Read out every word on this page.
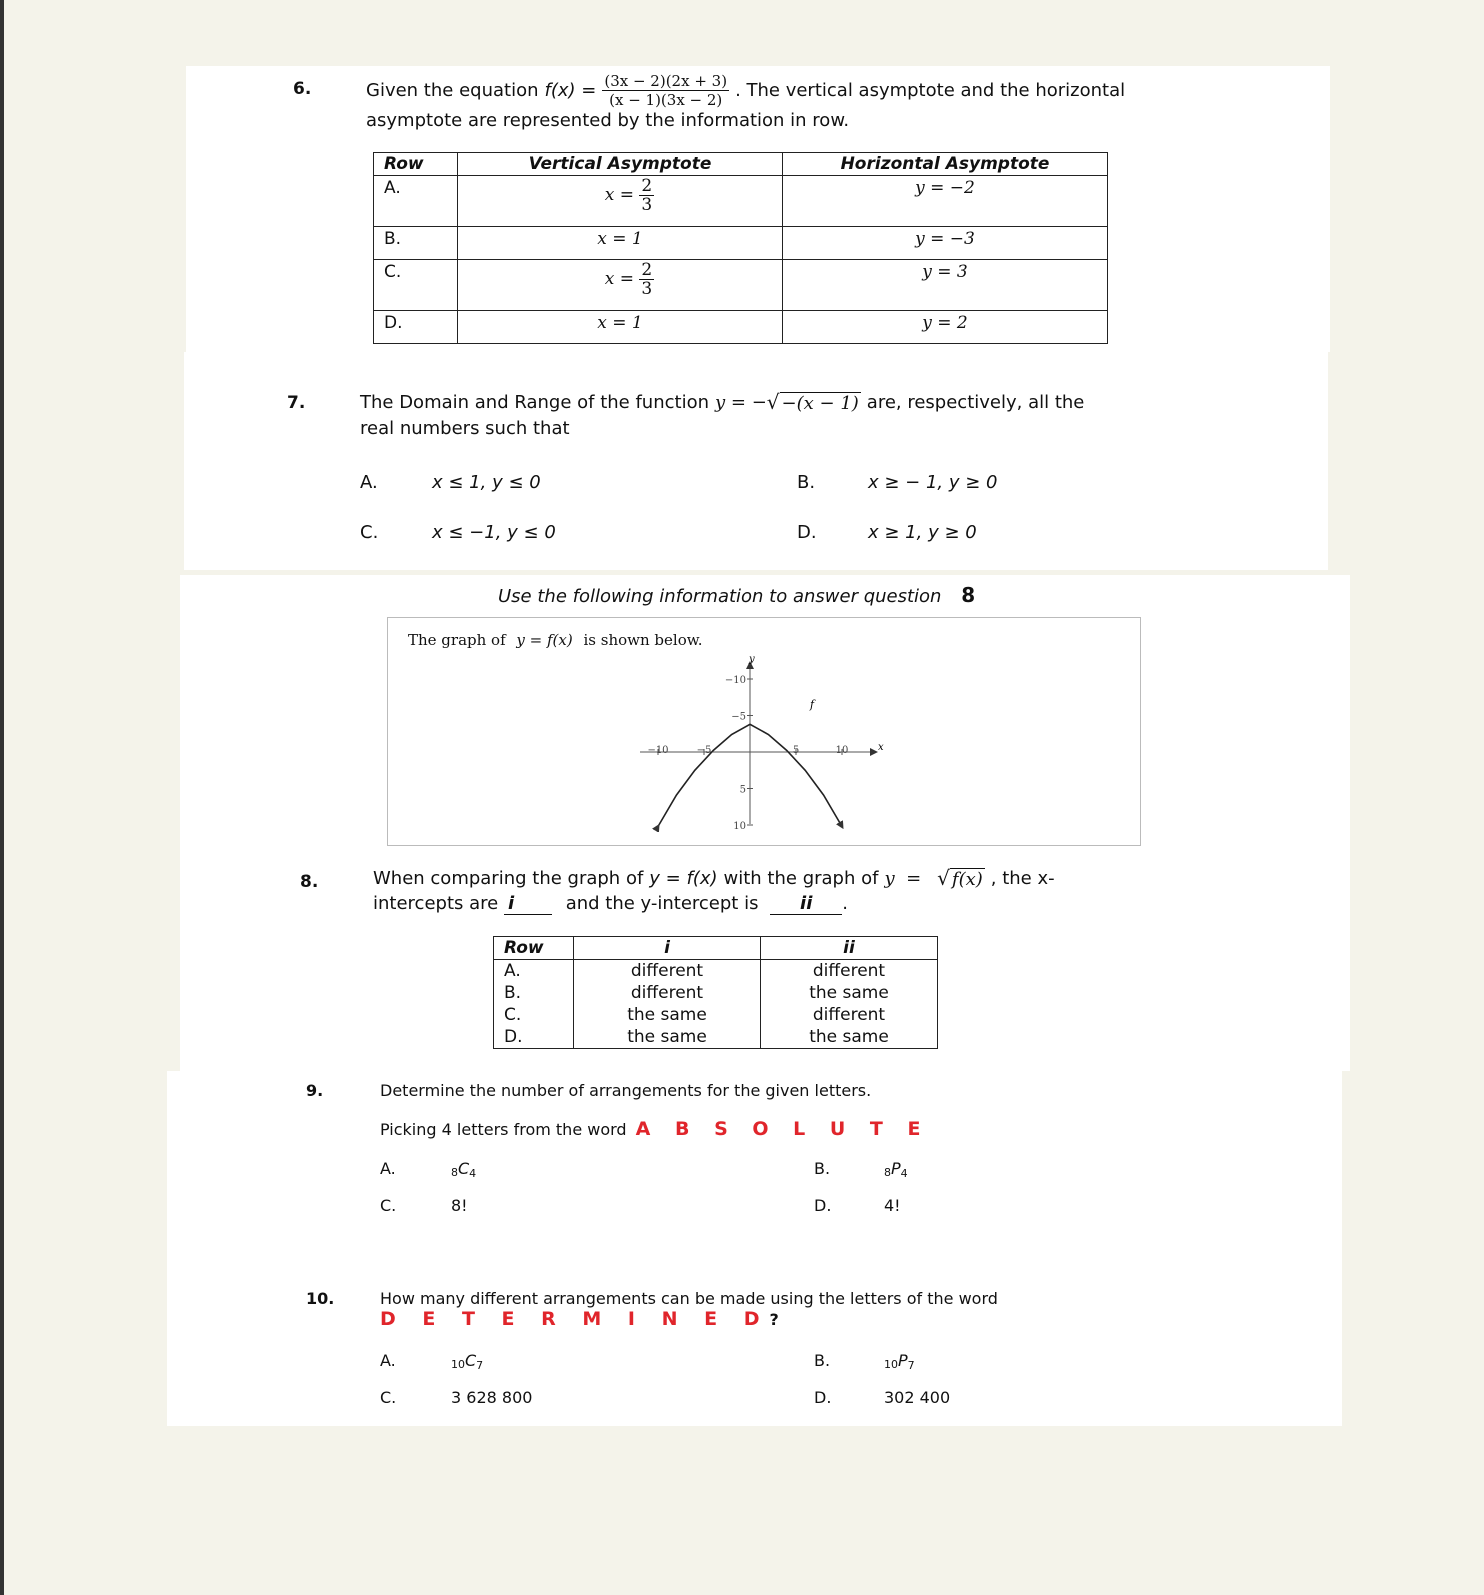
6.	Given the equation $f(x) = \frac{(3x - 2)(2x + 3)}{(x - 1)(3x - 2)}$ . The vertical asymptote and the horizontal
asymptote are represented by the information in row.
Row	Vertical Asymptote	Horizontal Asymptote
A.	$x = \frac{2}{3}$	y = −2
B.	x = 1	y = −3
C.	$x = \frac{2}{3}$	y = 3
D.	x = 1	y = 2
7.	The Domain and Range of the function y = − √ −(x − 1) are, respectively, all the
real numbers such that
A.	x ≤ 1, y ≤ 0	B.	x ≥ − 1, y ≥ 0
C.	x ≤ −1, y ≤ 0	D.	x ≥ 1, y ≥ 0
Use the following information to answer question 8
The graph of y = f(x) is shown below.
−10	−5	5	10
10
5
−5
−10
x
y
f
8.	When comparing the graph of y = f(x) with the graph of y  = √ f(x) , the x-
intercepts are i	and the y-intercept is ii .
Row	i	ii
A.	different	different
B.	different	the same
C.	the same	different
D.	the same	the same
9.	Determine the number of arrangements for the given letters.
Picking 4 letters from the word A B S O L U T E
A.	8C4	B.	8P4
C.	8!	D.	4!
10.	How many different arrangements can be made using the letters of the word
D E T E R M I N E D?
A.	10C7	B.	10P7
C.	3 628 800	D.	302 400
